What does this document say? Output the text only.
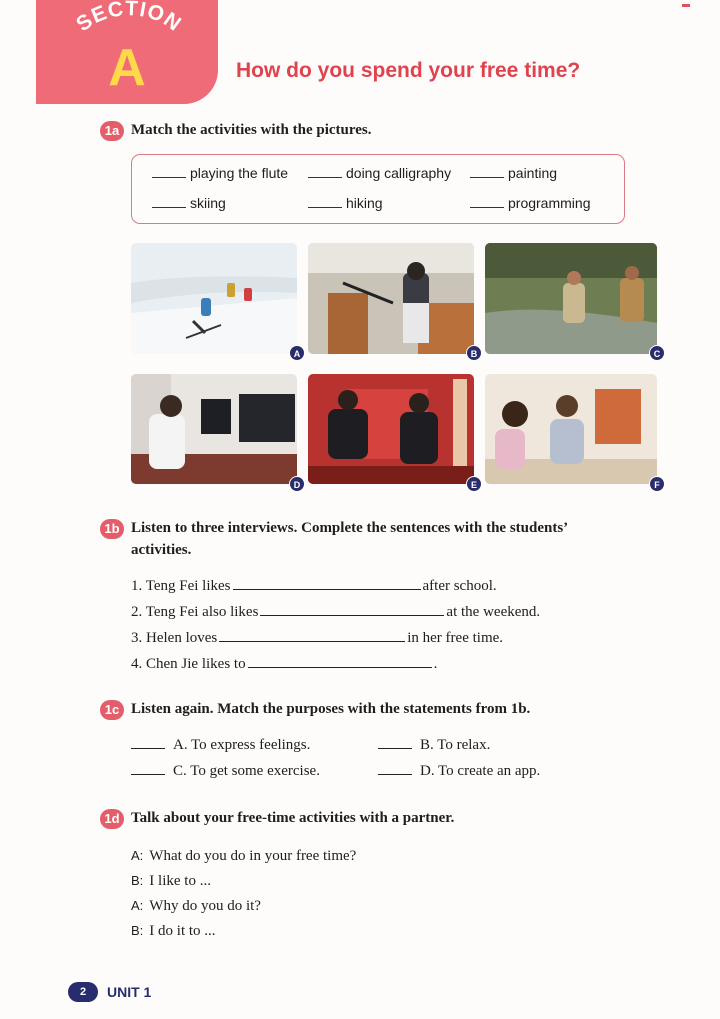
SECTION
A	How do you spend your free time?
1a Match the activities with the pictures.
playing the flute	doing calligraphy	painting
skiing	hiking	programming
A	B	C
D	E	F
1b Listen to three interviews. Complete the sentences with the students’
activities.
1. Teng Fei likes	after school.
2. Teng Fei also likes	at the weekend.
3. Helen loves	in her free time.
4. Chen Jie likes to	.
1c Listen again. Match the purposes with the statements from 1b.
A. To express feelings.	B. To relax.
C. To get some exercise.	D. To create an app.
1d Talk about your free-time activities with a partner.
A: What do you do in your free time?
B: I like to ...
A: Why do you do it?
B: I do it to ...
2	UNIT 1
